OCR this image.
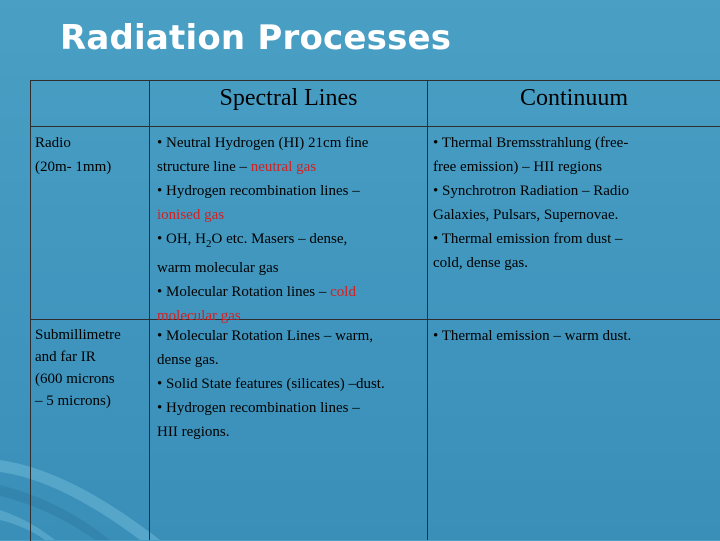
Radiation Processes
Spectral Lines	Continuum

Radio

(20m- 1mm)

• Neutral Hydrogen (HI) 21cm fine

structure line – neutral gas

• Hydrogen recombination lines –

ionised gas

• OH, $H_2O$ etc. Masers – dense,

warm molecular gas

• Molecular Rotation lines – cold

molecular gas

• Thermal Bremsstrahlung (free-

free emission) – HII regions

• Synchrotron Radiation – Radio

Galaxies, Pulsars, Supernovae.

• Thermal emission from dust –

cold, dense gas.

Submillimetre

and far IR

(600 microns

– 5 microns)

• Molecular Rotation Lines – warm,

dense gas.

• Solid State features (silicates) –dust.

• Hydrogen recombination lines –

HII regions.

• Thermal emission – warm dust.
